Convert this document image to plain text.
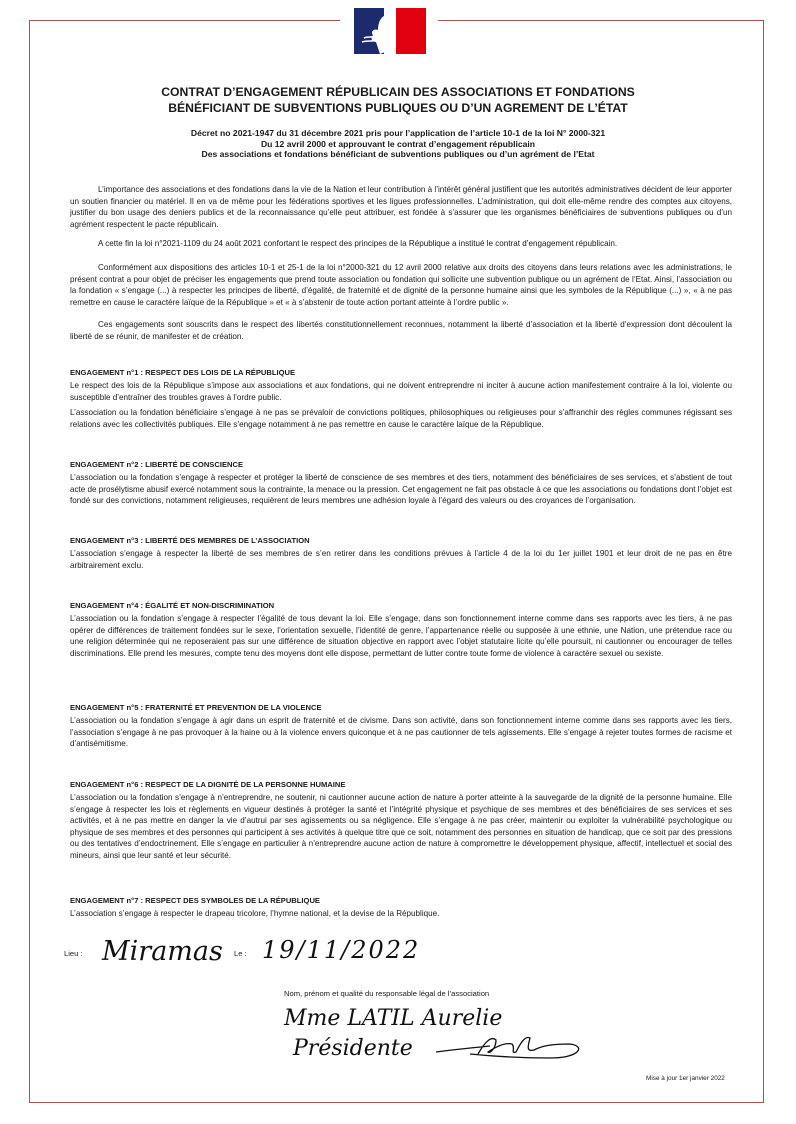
CONTRAT D’ENGAGEMENT RÉPUBLICAIN DES ASSOCIATIONS ET FONDATIONS
BÉNÉFICIANT DE SUBVENTIONS PUBLIQUES OU D’UN AGREMENT DE L’ÉTAT
Décret no 2021-1947 du 31 décembre 2021 pris pour l’application de l’article 10-1 de la loi N° 2000-321
Du 12 avril 2000 et approuvant le contrat d’engagement républicain
Des associations et fondations bénéficiant de subventions publiques ou d’un agrément de l’Etat

L’importance des associations et des fondations dans la vie de la Nation et leur contribution à l’intérêt général justifient que les autorités administratives décident de leur apporter un soutien financier ou matériel. Il en va de même pour les fédérations sportives et les ligues professionnelles. L’administration, qui doit elle-même rendre des comptes aux citoyens, justifier du bon usage des deniers publics et de la reconnaissance qu’elle peut attribuer, est fondée à s’assurer que les organismes bénéficiaires de subventions publiques ou d’un agrément respectent le pacte républicain.

A cette fin la loi n°2021-1109 du 24 août 2021 confortant le respect des principes de la République a institué le contrat d’engagement républicain.

Conformément aux dispositions des articles 10-1 et 25-1 de la loi n°2000-321 du 12 avril 2000 relative aux droits des citoyens dans leurs relations avec les administrations, le présent contrat a pour objet de préciser les engagements que prend toute association ou fondation qui sollicite une subvention publique ou un agrément de l’Etat. Ainsi, l’association ou la fondation « s’engage (...) à respecter les principes de liberté, d’égalité, de fraternité et de dignité de la personne humaine ainsi que les symboles de la République (...) », « à ne pas remettre en cause le caractère laïque de la République » et « à s’abstenir de toute action portant atteinte à l’ordre public ».

Ces engagements sont souscrits dans le respect des libertés constitutionnellement reconnues, notamment la liberté d’association et la liberté d’expression dont découlent la liberté de se réunir, de manifester et de création.

ENGAGEMENT n°1 : RESPECT DES LOIS DE LA RÉPUBLIQUE

Le respect des lois de la République s’impose aux associations et aux fondations, qui ne doivent entreprendre ni inciter à aucune action manifestement contraire à la loi, violente ou susceptible d’entraîner des troubles graves à l’ordre public.

L’association ou la fondation bénéficiaire s’engage à ne pas se prévaloir de convictions politiques, philosophiques ou religieuses pour s’affranchir des règles communes régissant ses relations avec les collectivités publiques. Elle s’engage notamment à ne pas remettre en cause le caractère laïque de la République.

ENGAGEMENT n°2 : LIBERTÉ DE CONSCIENCE

L’association ou la fondation s’engage à respecter et protéger la liberté de conscience de ses membres et des tiers, notamment des bénéficiaires de ses services, et s’abstient de tout acte de prosélytisme abusif exercé notamment sous la contrainte, la menace ou la pression. Cet engagement ne fait pas obstacle à ce que les associations ou fondations dont l’objet est fondé sur des convictions, notamment religieuses, requièrent de leurs membres une adhésion loyale à l’égard des valeurs ou des croyances de l’organisation.

ENGAGEMENT n°3 : LIBERTÉ DES MEMBRES DE L’ASSOCIATION

L’association s’engage à respecter la liberté de ses membres de s’en retirer dans les conditions prévues à l’article 4 de la loi du 1er juillet 1901 et leur droit de ne pas en être arbitrairement exclu.

ENGAGEMENT n°4 : ÉGALITÉ ET NON-DISCRIMINATION

L’association ou la fondation s’engage à respecter l’égalité de tous devant la loi. Elle s’engage, dans son fonctionnement interne comme dans ses rapports avec les tiers, à ne pas opérer de différences de traitement fondées sur le sexe, l’orientation sexuelle, l’identité de genre, l’appartenance réelle ou supposée à une ethnie, une Nation, une prétendue race ou une religion déterminée qui ne reposeraient pas sur une différence de situation objective en rapport avec l’objet statutaire licite qu’elle poursuit, ni cautionner ou encourager de telles discriminations. Elle prend les mesures, compte tenu des moyens dont elle dispose, permettant de lutter contre toute forme de violence à caractère sexuel ou sexiste.

ENGAGEMENT n°5 : FRATERNITÉ ET PREVENTION DE LA VIOLENCE

L’association ou la fondation s’engage à agir dans un esprit de fraternité et de civisme. Dans son activité, dans son fonctionnement interne comme dans ses rapports avec les tiers, l’association s’engage à ne pas provoquer à la haine ou à la violence envers quiconque et à ne pas cautionner de tels agissements. Elle s’engage à rejeter toutes formes de racisme et d’antisémitisme.

ENGAGEMENT n°6 : RESPECT DE LA DIGNITÉ DE LA PERSONNE HUMAINE

L’association ou la fondation s’engage à n’entreprendre, ne soutenir, ni cautionner aucune action de nature à porter atteinte à la sauvegarde de la dignité de la personne humaine. Elle s’engage à respecter les lois et règlements en vigueur destinés à protéger la santé et l’intégrité physique et psychique de ses membres et des bénéficiaires de ses services et ses activités, et à ne pas mettre en danger la vie d’autrui par ses agissements ou sa négligence. Elle s’engage à ne pas créer, maintenir ou exploiter la vulnérabilité psychologique ou physique de ses membres et des personnes qui participent à ses activités à quelque titre que ce soit, notamment des personnes en situation de handicap, que ce soit par des pressions ou des tentatives d’endoctrinement. Elle s’engage en particulier à n’entreprendre aucune action de nature à compromettre le développement physique, affectif, intellectuel et social des mineurs, ainsi que leur santé et leur sécurité.

ENGAGEMENT n°7 : RESPECT DES SYMBOLES DE LA RÉPUBLIQUE

L’association s’engage à respecter le drapeau tricolore, l’hymne national, et la devise de la République.

Lieu : Miramas Le : 19/11/2022
Nom, prénom et qualité du responsable légal de l’association
Mme LATIL Aurelie
Présidente
Mise à jour 1er janvier 2022
